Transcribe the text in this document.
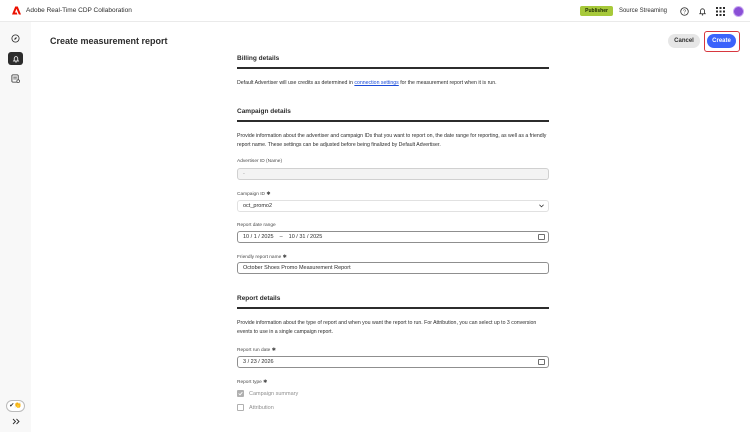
Adobe Real-Time CDP Collaboration	Publisher	Source Streaming	?
✔👏
Create measurement report	Cancel	Create
Billing details
Default Advertiser will use credits as determined in connection settings for the measurement report when it is run.
Campaign details
Provide information about the advertiser and campaign IDs that you want to report on, the date range for reporting, as well as a friendly report name. These settings can be adjusted before being finalized by Default Advertiser.
Advertiser ID (Name)
-
Campaign ID ✱
oct_promo2
Report date range
10 / 1 / 2025 – 10 / 31 / 2025
Friendly report name ✱
October Shoes Promo Measurement Report
Report details
Provide information about the type of report and when you want the report to run. For Attribution, you can select up to 3 conversion events to use in a single campaign report.
Report run date ✱
3 / 23 / 2026
Report type ✱
Campaign summary
Attribution
